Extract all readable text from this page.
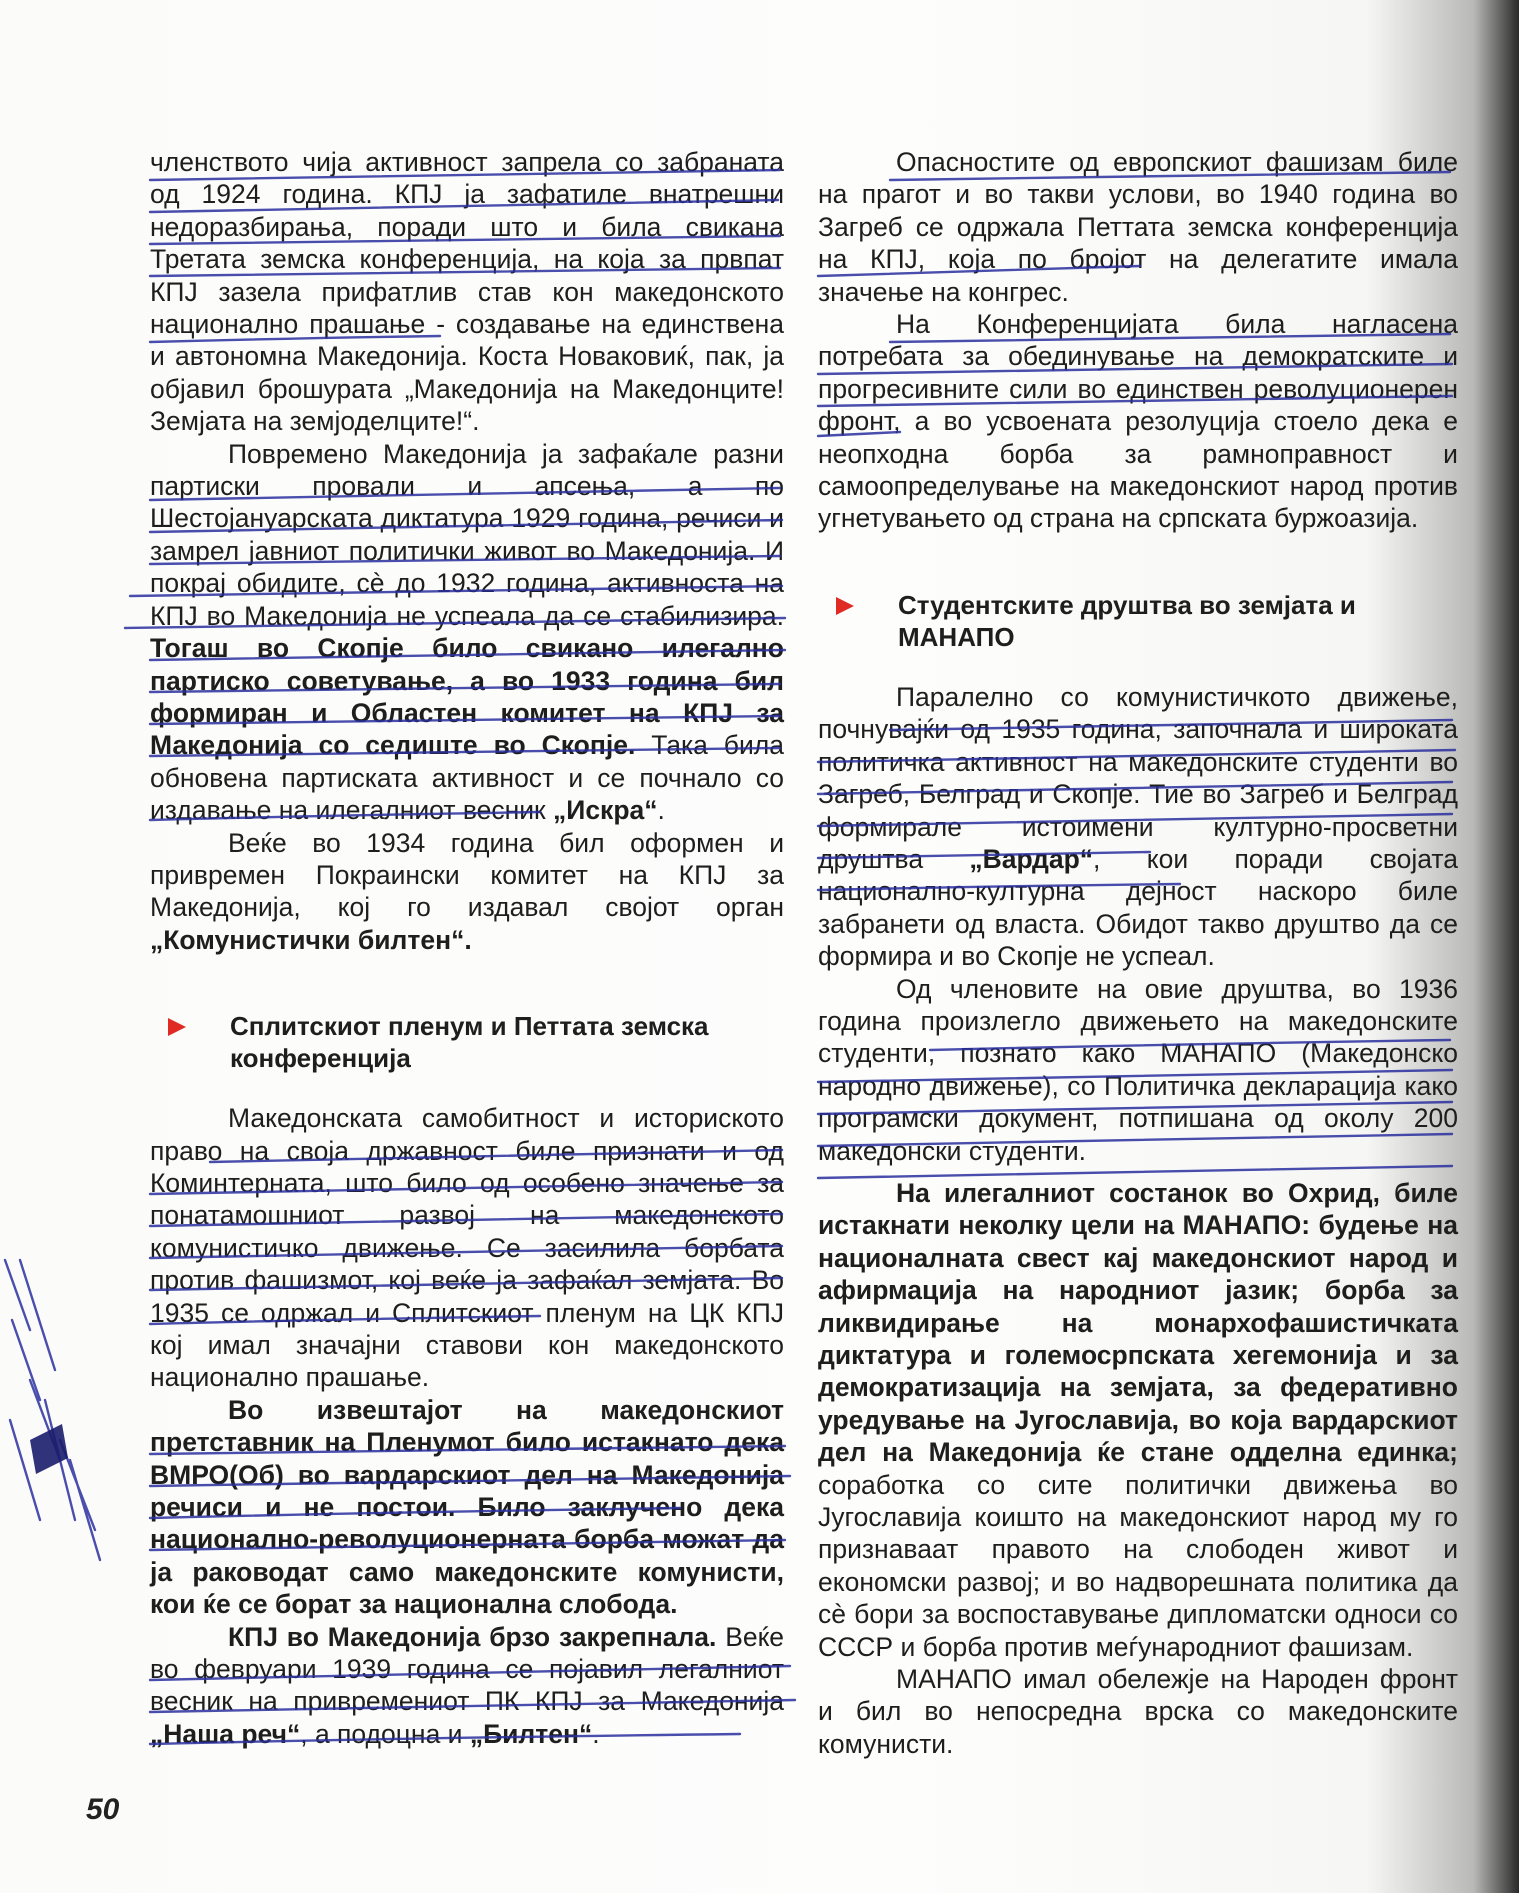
членството чија активност запрела со забраната од 1924 година. КПЈ ја зафатиле внатрешни недоразбирања, поради што и била свикана Третата земска конференција, на која за првпат КПЈ зазела прифатлив став кон македонското национално прашање - создавање на единствена и автономна Македонија. Коста Новаковиќ, пак, ја објавил брошурата „Македонија на Македонците! Земјата на земјоделците!“.

Повремено Македонија ја зафаќале разни партиски провали и апсења, а по Шестојануарската диктатура 1929 година, речиси и замрел јавниот политички живот во Македонија. И покрај обидите, сè до 1932 година, активноста на КПЈ во Македонија не успеала да се стабилизира. Тогаш во Скопје било свикано илегално партиско советување, а во 1933 година бил формиран и Областен комитет на КПЈ за Македонија со седиште во Скопје. Така била обновена партиската активност и се почнало со издавање на илегалниот весник „Искра“.

Веќе во 1934 година бил оформен и привремен Покраински комитет на КПЈ за Македонија, кој го издавал својот орган „Комунистички билтен“.

Сплитскиот пленум и Петтата земска конференција

Македонската самобитност и историското право на своја државност биле признати и од Коминтерната, што било од особено значење за понатамошниот развој на македонското комунистичко движење. Се засилила борбата против фашизмот, кој веќе ја зафаќал земјата. Во 1935 се одржал и Сплитскиот пленум на ЦК КПЈ кој имал значајни ставови кон македонското национално прашање.

Во извештајот на македонскиот претставник на Пленумот било истакнато дека ВМРО(Об) во вардарскиот дел на Македонија речиси и не постои. Било заклучено дека национално-револуционерната борба можат да ја раководат само македонските комунисти, кои ќе се борат за национална слобода.

КПЈ во Македонија брзо закрепнала. Веќе во февруари 1939 година се појавил легалниот весник на привремениот ПК КПЈ за Македонија „Наша реч“, а подоцна и „Билтен“.

Опасностите од европскиот фашизам биле на прагот и во такви услови, во 1940 година во Загреб се одржала Петтата земска конференција на КПЈ, која по бројот на делегатите имала значење на конгрес.

На Конференцијата била нагласена потребата за обединување на демократските и прогресивните сили во единствен револуционерен фронт, а во усвоената резолуција стоело дека е неопходна борба за рамноправност и самоопределување на македонскиот народ против угнетувањето од страна на српската буржоазија.

Студентските друштва во земјата и МАНАПО

Паралелно со комунистичкото движење, почнувајќи од 1935 година, започнала и широката политичка активност на македонските студенти во Загреб, Белград и Скопје. Тие во Загреб и Белград формирале истоимени културно-просветни друштва „Вардар“, кои поради својата национално-културна дејност наскоро биле забранети од власта. Обидот такво друштво да се формира и во Скопје не успеал.

Од членовите на овие друштва, во 1936 година произлегло движењето на македонските студенти, познато како МАНАПО (Македонско народно движење), со Политичка декларација како програмски документ, потпишана од околу 200 македонски студенти.

На илегалниот состанок во Охрид, биле истакнати неколку цели на МАНАПО: будење на националната свест кај македонскиот народ и афирмација на народниот јазик; борба за ликвидирање на монархофашистичката диктатура и големосрпската хегемонија и за демократизација на земјата, за федеративно уредување на Југославија, во која вардарскиот дел на Македонија ќе стане одделна единка; соработка со сите политички движења во Југославија коишто на македонскиот народ му го признаваат правото на слободен живот и економски развој; и во надворешната политика да сè бори за воспоставување дипломатски односи со СССР и борба против меѓународниот фашизам.

МАНАПО имал обележје на Народен фронт и бил во непосредна врска со македонските комунисти.

50
